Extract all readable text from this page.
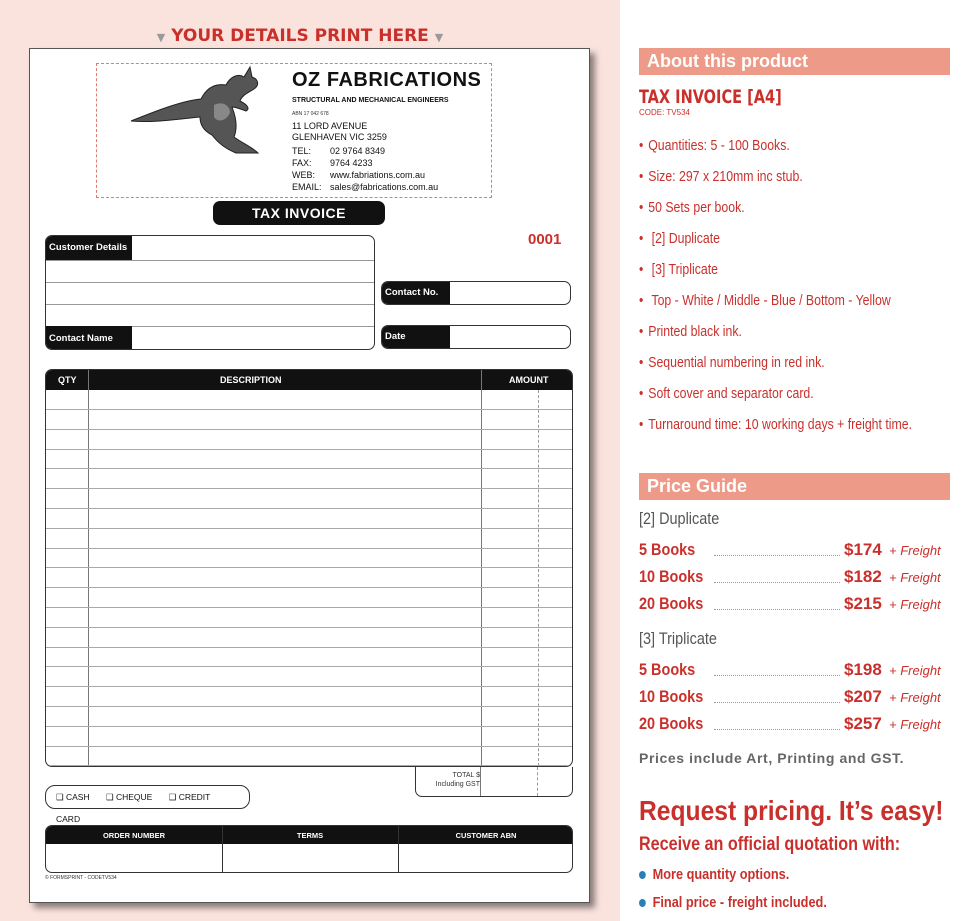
▼ YOUR DETAILS PRINT HERE ▼
OZ FABRICATIONS
STRUCTURAL AND MECHANICAL ENGINEERS
ABN 17 042 678
11 LORD AVENUE
GLENHAVEN VIC 3259
TEL: 02 9764 8349
FAX: 9764 4233
WEB: www.fabriations.com.au
EMAIL: sales@fabrications.com.au
TAX INVOICE
0001
Customer Details
Contact Name
Contact No.
Date
QTY	DESCRIPTION	AMOUNT
TOTAL $
Including GST
❑ CASH ❑ CHEQUE ❑ CREDIT CARD
ORDER NUMBER	TERMS	CUSTOMER ABN
© FORMSPRINT - CODETV534
About this product
TAX INVOICE [A4]
CODE: TV534
• Quantities: 5 - 100 Books.
• Size: 297 x 210mm inc stub.
• 50 Sets per book.
• [2] Duplicate
• [3] Triplicate
• Top - White / Middle - Blue / Bottom - Yellow
• Printed black ink.
• Sequential numbering in red ink.
• Soft cover and separator card.
• Turnaround time: 10 working days + freight time.
Price Guide
[2] Duplicate
5 Books	$174 + Freight
10 Books	$182 + Freight
20 Books	$215 + Freight
[3] Triplicate
5 Books	$198 + Freight
10 Books	$207 + Freight
20 Books	$257 + Freight
Prices include Art, Printing and GST.
Request pricing. It’s easy!
Receive an official quotation with:
More quantity options.
Final price - freight included.
